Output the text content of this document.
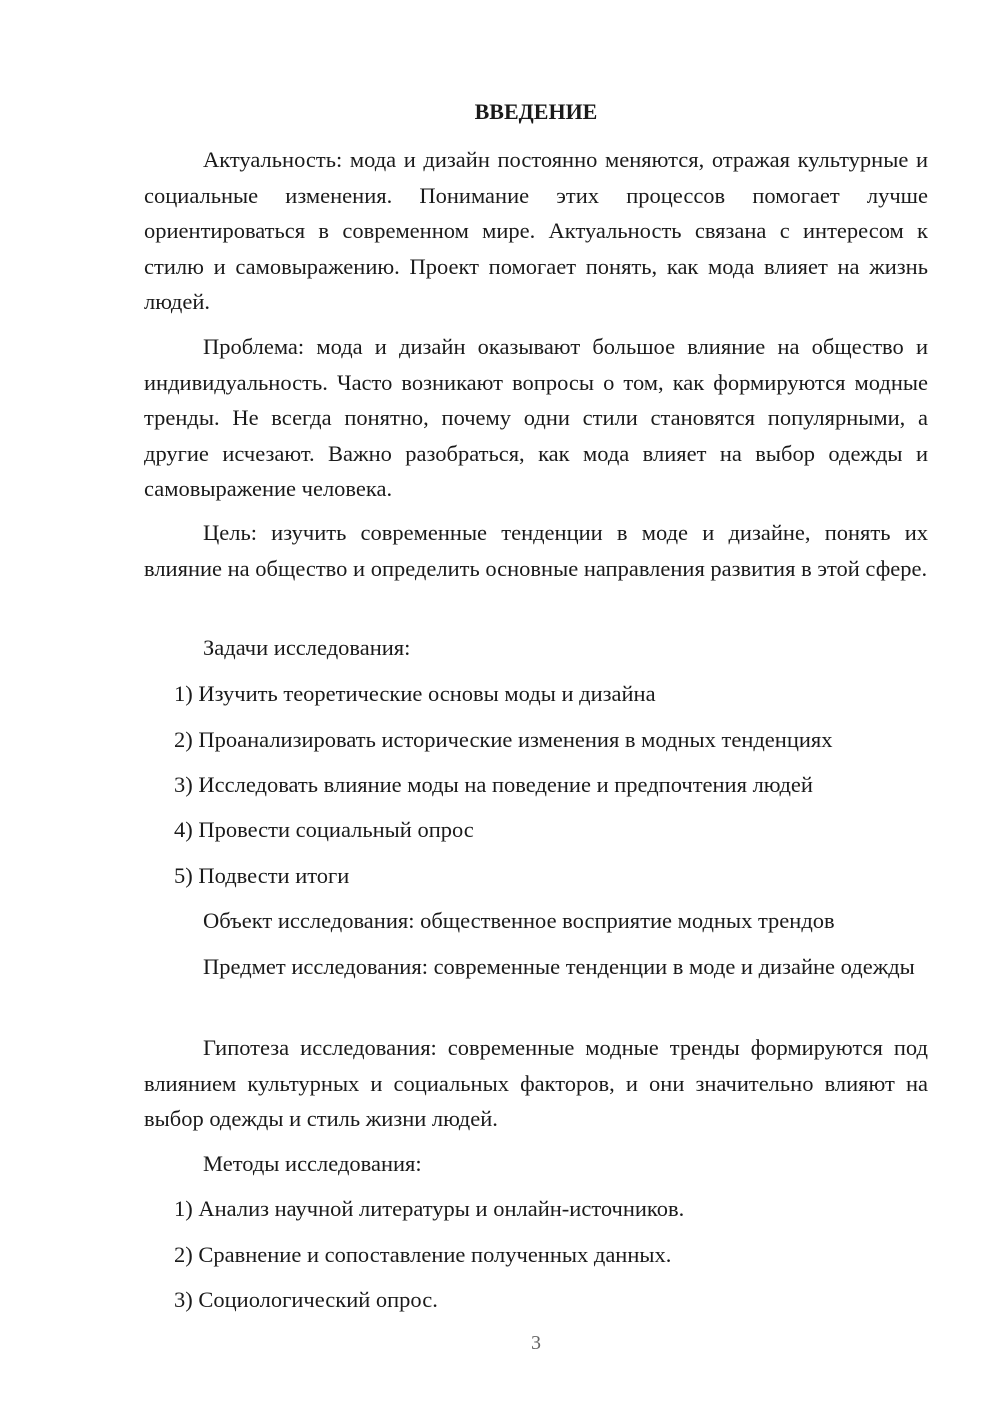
ВВЕДЕНИЕ

Актуальность: мода и дизайн постоянно меняются, отражая культурные и социальные изменения. Понимание этих процессов помогает лучше ориентироваться в современном мире. Актуальность связана с интересом к стилю и самовыражению. Проект помогает понять, как мода влияет на жизнь людей.

Проблема: мода и дизайн оказывают большое влияние на общество и индивидуальность. Часто возникают вопросы о том, как формируются модные тренды. Не всегда понятно, почему одни стили становятся популярными, а другие исчезают. Важно разобраться, как мода влияет на выбор одежды и самовыражение человека.

Цель: изучить современные тенденции в моде и дизайне, понять их влияние на общество и определить основные направления развития в этой сфере.

Задачи исследования:

1) Изучить теоретические основы моды и дизайна

2) Проанализировать исторические изменения в модных тенденциях

3) Исследовать влияние моды на поведение и предпочтения людей

4) Провести социальный опрос

5) Подвести итоги

Объект исследования: общественное восприятие модных трендов

Предмет исследования: современные тенденции в моде и дизайне одежды

Гипотеза исследования: современные модные тренды формируются под влиянием культурных и социальных факторов, и они значительно влияют на выбор одежды и стиль жизни людей.

Методы исследования:

1) Анализ научной литературы и онлайн-источников.

2) Сравнение и сопоставление полученных данных.

3) Социологический опрос.

3
